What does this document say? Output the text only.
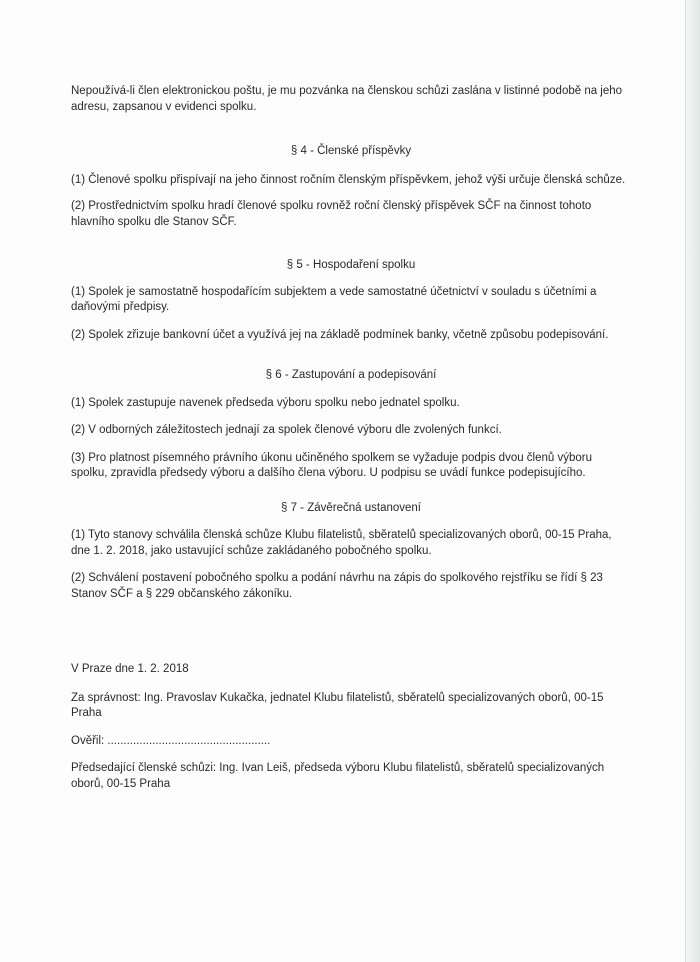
Nepoužívá-li člen elektronickou poštu, je mu pozvánka na členskou schůzi zaslána v listinné podobě na jeho adresu, zapsanou v evidenci spolku.

§ 4 - Členské příspěvky

(1) Členové spolku přispívají na jeho činnost ročním členským příspěvkem, jehož výši určuje členská schůze.

(2) Prostřednictvím spolku hradí členové spolku rovněž roční členský příspěvek SČF na činnost tohoto hlavního spolku dle Stanov SČF.

§ 5 - Hospodaření spolku

(1) Spolek je samostatně hospodařícím subjektem a vede samostatné účetnictví v souladu s účetními a daňovými předpisy.

(2) Spolek zřizuje bankovní účet a využívá jej na základě podmínek banky, včetně způsobu podepisování.

§ 6 - Zastupování a podepisování

(1) Spolek zastupuje navenek předseda výboru spolku nebo jednatel spolku.

(2) V odborných záležitostech jednají za spolek členové výboru dle zvolených funkcí.

(3) Pro platnost písemného právního úkonu učiněného spolkem se vyžaduje podpis dvou členů výboru spolku, zpravidla předsedy výboru a dalšího člena výboru. U podpisu se uvádí funkce podepisujícího.

§ 7 - Závěrečná ustanovení

(1) Tyto stanovy schválila členská schůze Klubu filatelistů, sběratelů specializovaných oborů, 00-15 Praha, dne 1. 2. 2018, jako ustavující schůze zakládaného pobočného spolku.

(2) Schválení postavení pobočného spolku a podání návrhu na zápis do spolkového rejstříku se řídí § 23 Stanov SČF a § 229 občanského zákoníku.

V Praze dne 1. 2. 2018

Za správnost: Ing. Pravoslav Kukačka, jednatel Klubu filatelistů, sběratelů specializovaných oborů, 00-15 Praha

Ověřil: ...................................................

Předsedající členské schůzi: Ing. Ivan Leiš, předseda výboru Klubu filatelistů, sběratelů specializovaných oborů, 00-15 Praha
